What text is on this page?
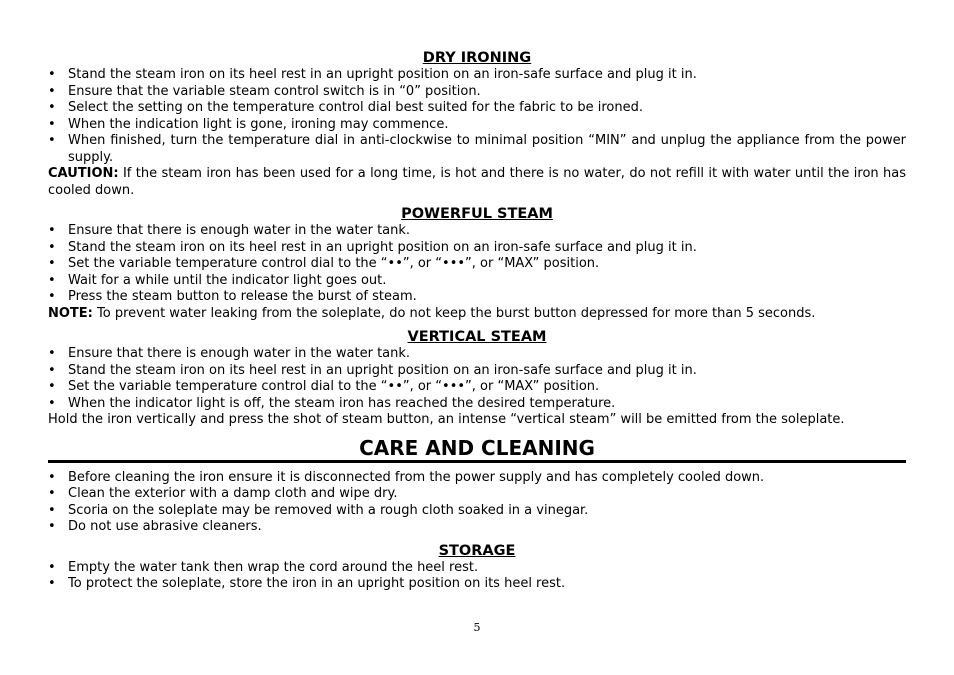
DRY IRONING
• Stand the steam iron on its heel rest in an upright position on an iron-safe surface and plug it in.
• Ensure that the variable steam control switch is in “0” position.
• Select the setting on the temperature control dial best suited for the fabric to be ironed.
• When the indication light is gone, ironing may commence.
• When finished, turn the temperature dial in anti-clockwise to minimal position “MIN” and unplug the appliance from the power supply.

CAUTION: If the steam iron has been used for a long time, is hot and there is no water, do not refill it with water until the iron has cooled down.

POWERFUL STEAM
• Ensure that there is enough water in the water tank.
• Stand the steam iron on its heel rest in an upright position on an iron-safe surface and plug it in.
• Set the variable temperature control dial to the “••”, or “•••”, or “MAX” position.
• Wait for a while until the indicator light goes out.
• Press the steam button to release the burst of steam.

NOTE: To prevent water leaking from the soleplate, do not keep the burst button depressed for more than 5 seconds.

VERTICAL STEAM
• Ensure that there is enough water in the water tank.
• Stand the steam iron on its heel rest in an upright position on an iron-safe surface and plug it in.
• Set the variable temperature control dial to the “••”, or “•••”, or “MAX” position.
• When the indicator light is off, the steam iron has reached the desired temperature.

Hold the iron vertically and press the shot of steam button, an intense “vertical steam” will be emitted from the soleplate.

CARE AND CLEANING
• Before cleaning the iron ensure it is disconnected from the power supply and has completely cooled down.
• Clean the exterior with a damp cloth and wipe dry.
• Scoria on the soleplate may be removed with a rough cloth soaked in a vinegar.
• Do not use abrasive cleaners.
STORAGE
• Empty the water tank then wrap the cord around the heel rest.
• To protect the soleplate, store the iron in an upright position on its heel rest.
5
